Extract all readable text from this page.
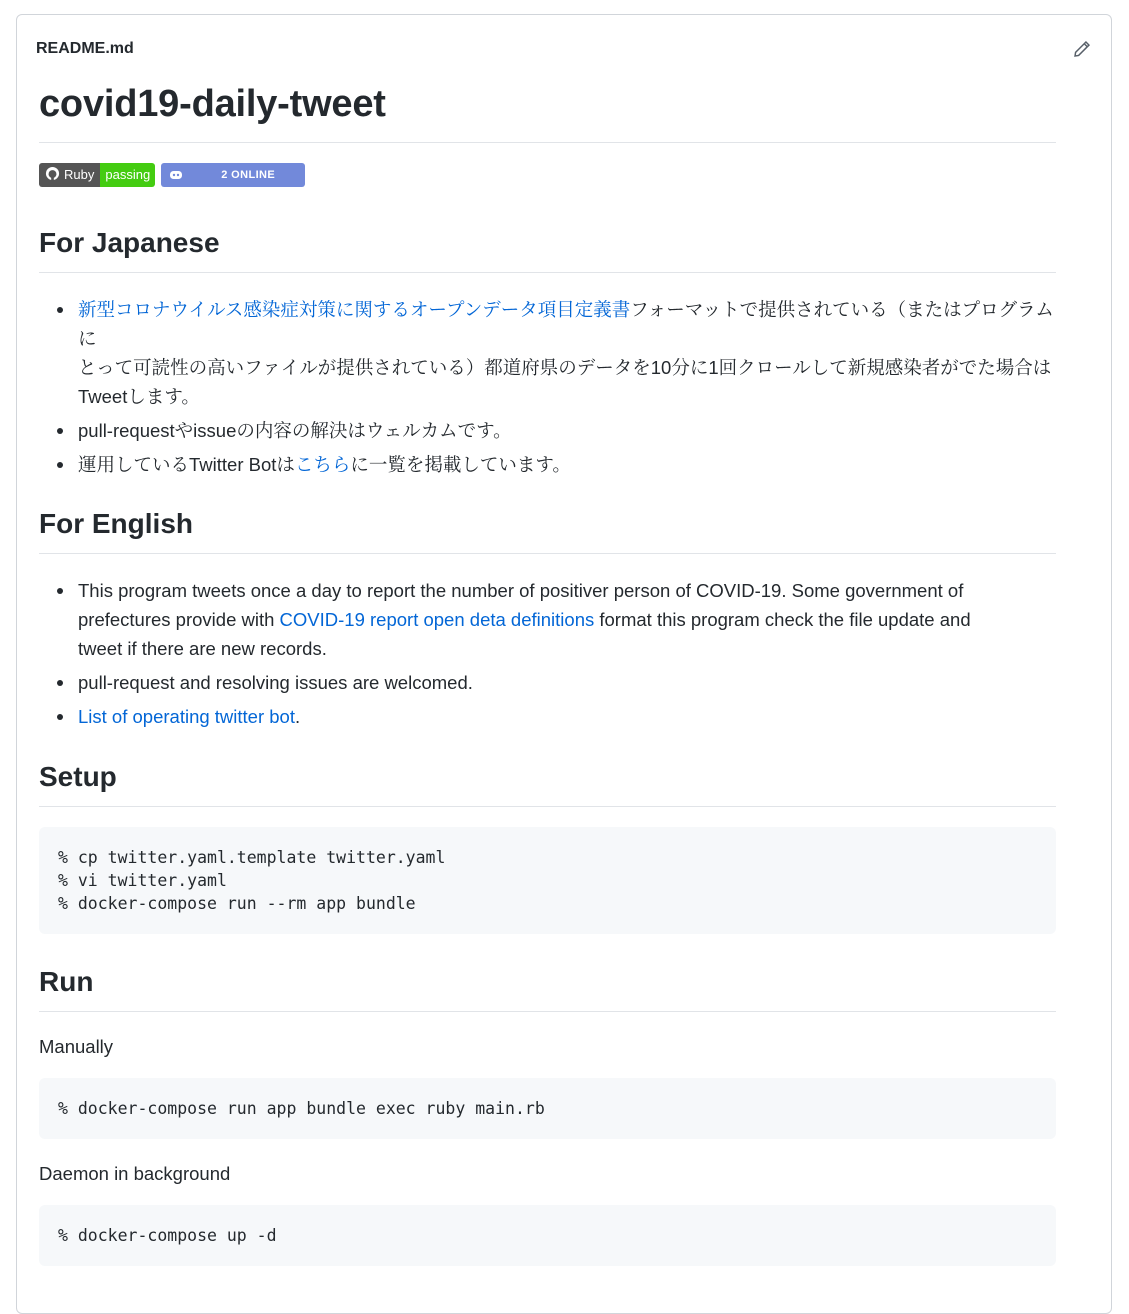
README.md
covid19-daily-tweet
Ruby passing	2 ONLINE
For Japanese
新型コロナウイルス感染症対策に関するオープンデータ項目定義書フォーマットで提供されている（またはプログラムに
とって可読性の高いファイルが提供されている）都道府県のデータを10分に1回クロールして新規感染者がでた場合は
Tweetします。
pull-requestやissueの内容の解決はウェルカムです。
運用しているTwitter Botはこちらに一覧を掲載しています。
For English
This program tweets once a day to report the number of positiver person of COVID-19. Some government of
prefectures provide with COVID-19 report open deta definitions format this program check the file update and
tweet if there are new records.
pull-request and resolving issues are welcomed.
List of operating twitter bot.
Setup
% cp twitter.yaml.template twitter.yaml
% vi twitter.yaml
% docker-compose run --rm app bundle
Run

Manually

% docker-compose run app bundle exec ruby main.rb

Daemon in background

% docker-compose up -d
